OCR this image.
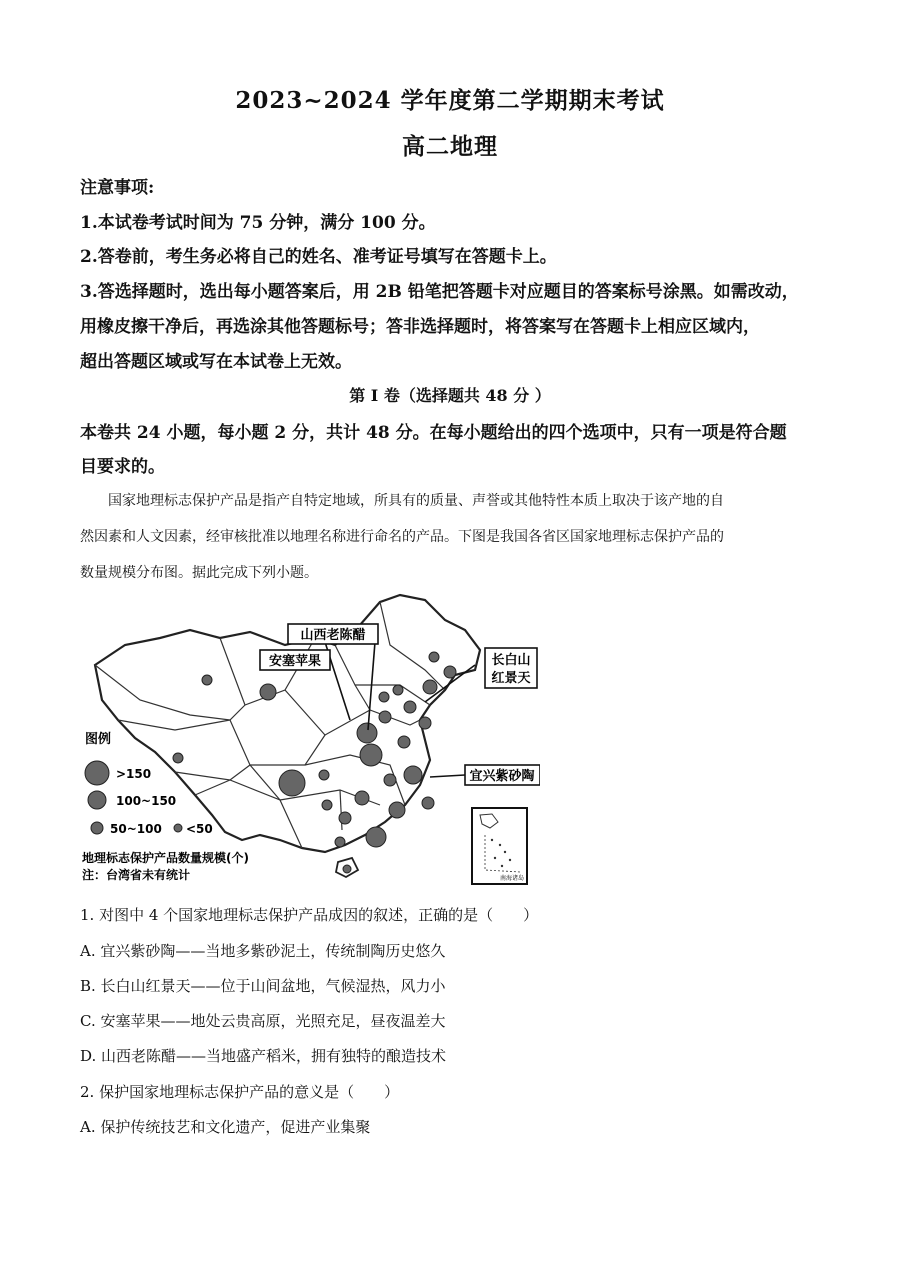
2023~2024 学年度第二学期期末考试
高二地理
注意事项:
1.本试卷考试时间为 75 分钟，满分 100 分。
2.答卷前，考生务必将自己的姓名、准考证号填写在答题卡上。
3.答选择题时，选出每小题答案后，用 2B 铅笔把答题卡对应题目的答案标号涂黑。如需改动，
用橡皮擦干净后，再选涂其他答题标号；答非选择题时，将答案写在答题卡上相应区域内，
超出答题区域或写在本试卷上无效。
第 I 卷（选择题共 48 分 ）
本卷共 24 小题，每小题 2 分，共计 48 分。在每小题给出的四个选项中，只有一项是符合题
目要求的。
国家地理标志保护产品是指产自特定地域，所具有的质量、声誉或其他特性本质上取决于该产地的自
然因素和人文因素，经审核批准以地理名称进行命名的产品。下图是我国各省区国家地理标志保护产品的
数量规模分布图。据此完成下列小题。
山西老陈醋
安塞苹果	长白山
红景天
宜兴紫砂陶
图例
>150
100~150
50~100 <50
地理标志保护产品数量规模(个)
注：台湾省未有统计	南海诸岛
1. 对图中 4 个国家地理标志保护产品成因的叙述，正确的是（　　）
A. 宜兴紫砂陶——当地多紫砂泥土，传统制陶历史悠久
B. 长白山红景天——位于山间盆地，气候湿热，风力小
C. 安塞苹果——地处云贵高原，光照充足，昼夜温差大
D. 山西老陈醋——当地盛产稻米，拥有独特的酿造技术
2. 保护国家地理标志保护产品的意义是（　　）
A. 保护传统技艺和文化遗产，促进产业集聚
